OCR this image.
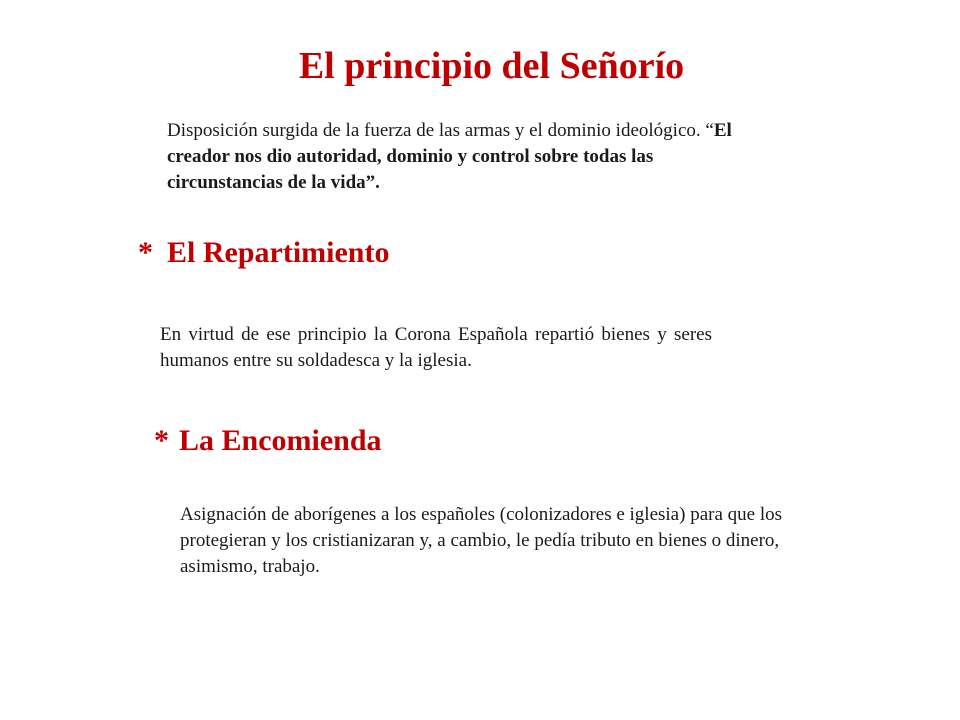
El principio del Señorío

Disposición surgida de la fuerza de las armas y el dominio ideológico. “El creador nos dio autoridad, dominio y control sobre todas las circunstancias de la vida”.

* El Repartimiento

En virtud de ese principio la Corona Española repartió bienes y seres humanos entre su soldadesca y la iglesia.

* La Encomienda

Asignación de aborígenes a los españoles (colonizadores e iglesia) para que los protegieran y los cristianizaran y, a cambio, le pedía tributo en bienes o dinero, asimismo, trabajo.
